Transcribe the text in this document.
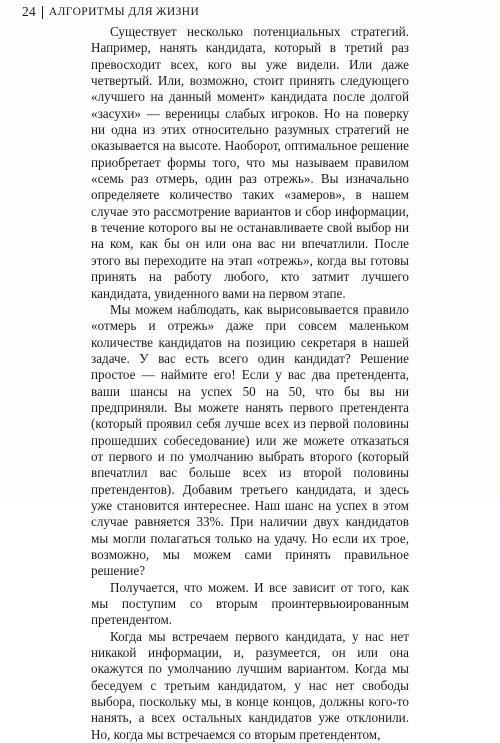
24 АЛГОРИТМЫ ДЛЯ ЖИЗНИ

Существует несколько потенциальных стратегий. Например, нанять кандидата, который в третий раз превосходит всех, кого вы уже видели. Или даже четвертый. Или, возможно, стоит принять следующего «лучшего на данный момент» кандидата после долгой «засухи» — вереницы слабых игроков. Но на поверку ни одна из этих относительно разумных стратегий не оказывается на высоте. Наоборот, оптимальное решение приобретает формы того, что мы называем правилом «семь раз отмерь, один раз отрежь». Вы изначально определяете количество таких «замеров», в нашем случае это рассмотрение вариантов и сбор информации, в течение которого вы не останавливаете свой выбор ни на ком, как бы он или она вас ни впечатлили. После этого вы переходите на этап «отрежь», когда вы готовы принять на работу любого, кто затмит лучшего кандидата, увиденного вами на первом этапе.

Мы можем наблюдать, как вырисовывается правило «отмерь и отрежь» даже при совсем маленьком количестве кандидатов на позицию секретаря в нашей задаче. У вас есть всего один кандидат? Решение простое — наймите его! Если у вас два претендента, ваши шансы на успех 50 на 50, что бы вы ни предприняли. Вы можете нанять первого претендента (который проявил себя лучше всех из первой половины прошедших собеседование) или же можете отказаться от первого и по умолчанию выбрать второго (который впечатлил вас больше всех из второй половины претендентов). Добавим третьего кандидата, и здесь уже становится интереснее. Наш шанс на успех в этом случае равняется 33%. При наличии двух кандидатов мы могли полагаться только на удачу. Но если их трое, возможно, мы можем сами принять правильное решение?

Получается, что можем. И все зависит от того, как мы поступим со вторым проинтервьюированным претендентом.

Когда мы встречаем первого кандидата, у нас нет никакой информации, и, разумеется, он или она окажутся по умолчанию лучшим вариантом. Когда мы беседуем с третьим кандидатом, у нас нет свободы выбора, поскольку мы, в конце концов, должны кого-то нанять, а всех остальных кандидатов уже отклонили. Но, когда мы встречаемся со вторым претендентом,
